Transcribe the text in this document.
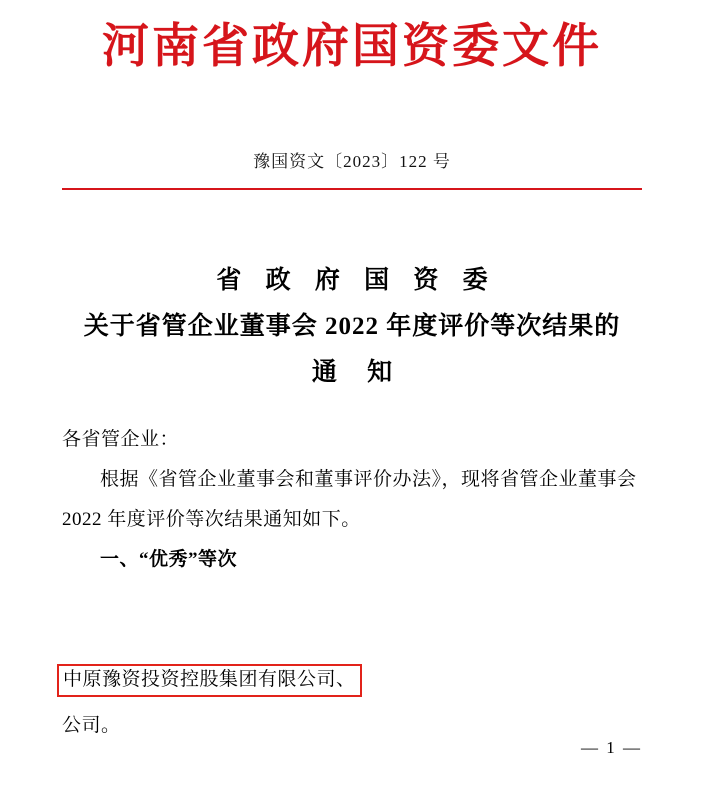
河南省政府国资委文件
豫国资文〔2023〕122 号
省 政 府 国 资 委
关于省管企业董事会 2022 年度评价等次结果的
通 知
各省管企业：
根据《省管企业董事会和董事评价办法》，现将省管企业董事会 2022 年度评价等次结果通知如下。
一、“优秀”等次
中原豫资投资控股集团有限公司、
公司。
— 1 —
